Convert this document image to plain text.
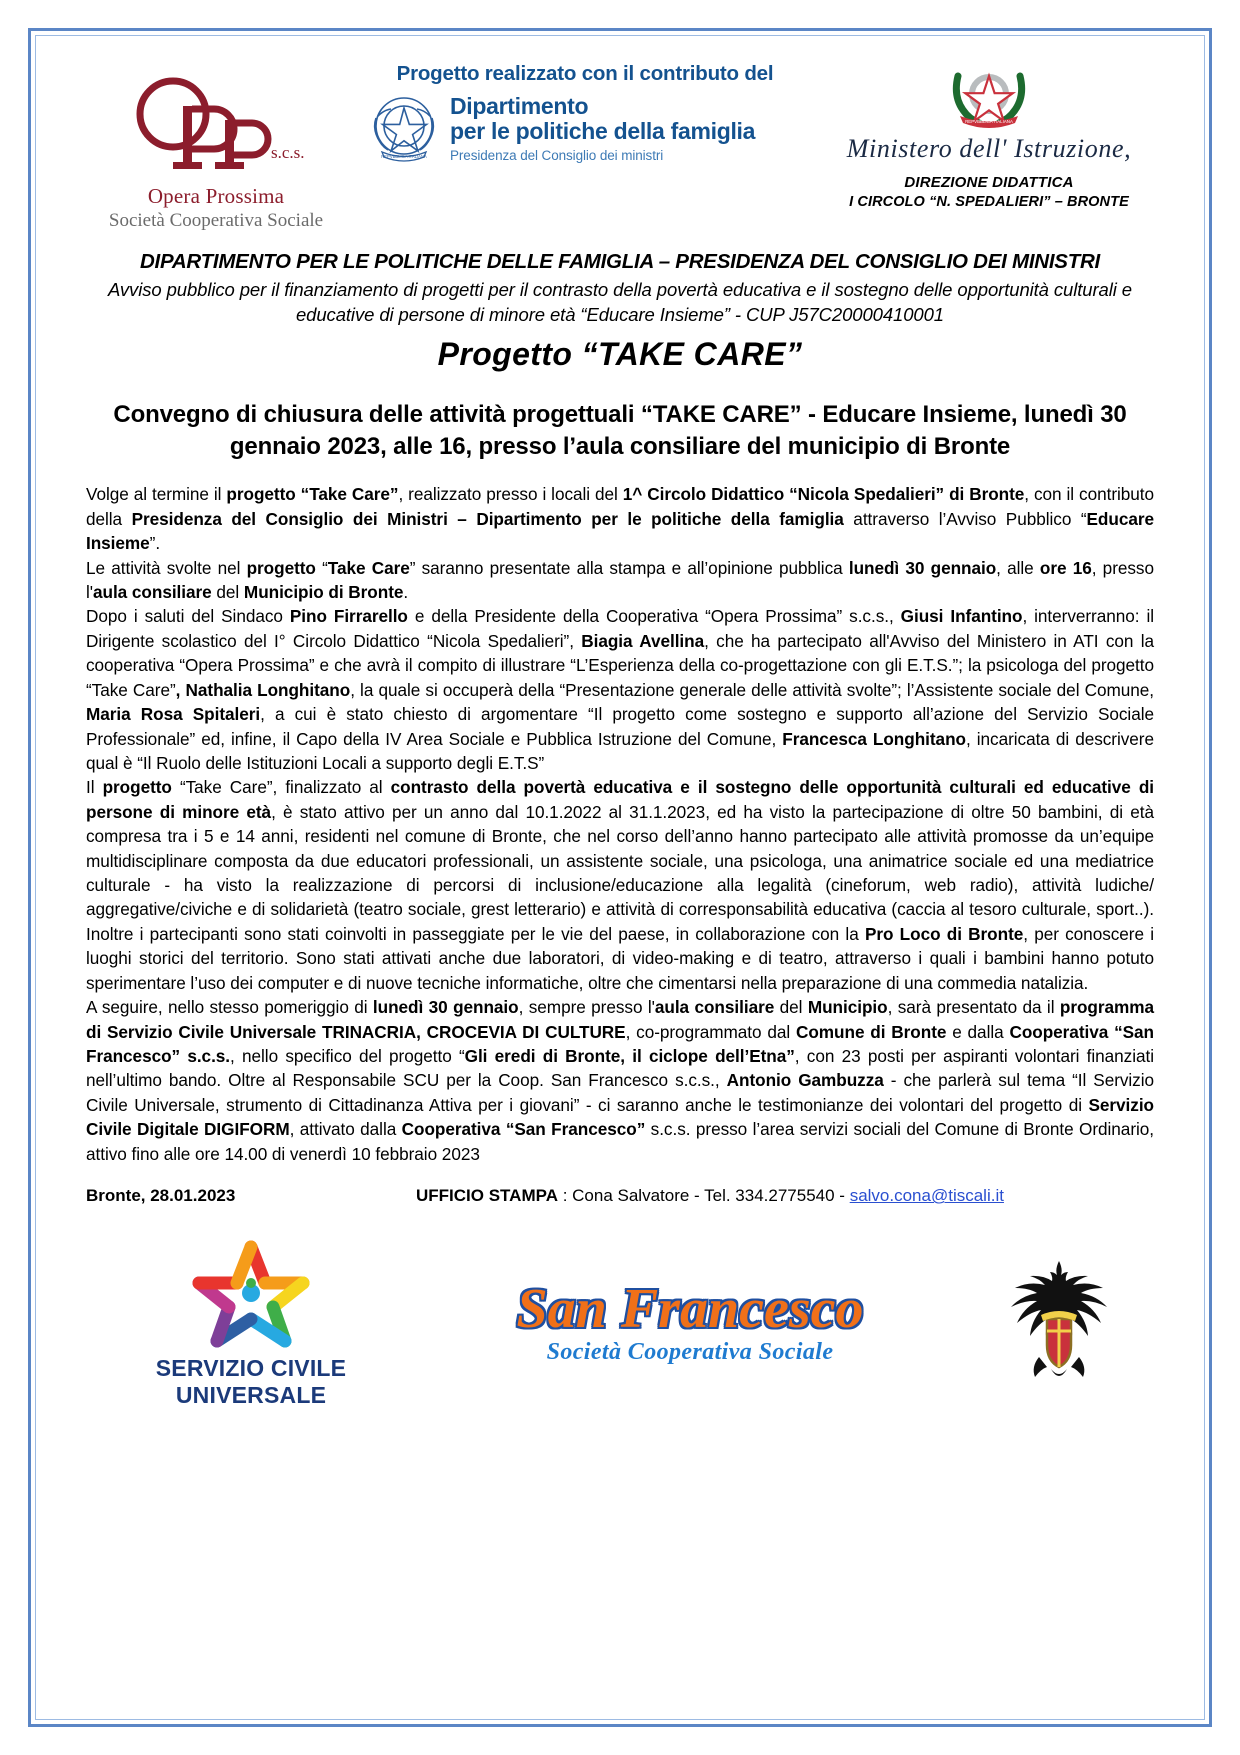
s.c.s.
Opera Prossima
Società Cooperativa Sociale
Progetto realizzato con il contributo del
REPVBBLICA ITALIANA
Dipartimento
per le politiche della famiglia
Presidenza del Consiglio dei ministri
REPVBBLICA ITALIANA
Ministero dell' Istruzione,
DIREZIONE DIDATTICA
I CIRCOLO “N. SPEDALIERI” – BRONTE
DIPARTIMENTO PER LE POLITICHE DELLE FAMIGLIA – PRESIDENZA DEL CONSIGLIO DEI MINISTRI
Avviso pubblico per il finanziamento di progetti per il contrasto della povertà educativa e il sostegno delle opportunità culturali e educative di persone di minore età “Educare Insieme” - CUP J57C20000410001
Progetto “TAKE CARE”
Convegno di chiusura delle attività progettuali “TAKE CARE” - Educare Insieme, lunedì 30 gennaio 2023, alle 16, presso l’aula consiliare del municipio di Bronte

Volge al termine il progetto “Take Care”, realizzato presso i locali del 1^ Circolo Didattico “Nicola Spedalieri” di Bronte, con il contributo della Presidenza del Consiglio dei Ministri – Dipartimento per le politiche della famiglia attraverso l’Avviso Pubblico “Educare Insieme”.

Le attività svolte nel progetto “Take Care” saranno presentate alla stampa e all’opinione pubblica lunedì 30 gennaio, alle ore 16, presso l'aula consiliare del Municipio di Bronte.

Dopo i saluti del Sindaco Pino Firrarello e della Presidente della Cooperativa “Opera Prossima” s.c.s., Giusi Infantino, interverranno: il Dirigente scolastico del I° Circolo Didattico “Nicola Spedalieri”, Biagia Avellina, che ha partecipato all'Avviso del Ministero in ATI con la cooperativa “Opera Prossima” e che avrà il compito di illustrare “L’Esperienza della co-progettazione con gli E.T.S.”; la psicologa del progetto “Take Care”, Nathalia Longhitano, la quale si occuperà della “Presentazione generale delle attività svolte”; l’Assistente sociale del Comune, Maria Rosa Spitaleri, a cui è stato chiesto di argomentare “Il progetto come sostegno e supporto all’azione del Servizio Sociale Professionale” ed, infine, il Capo della IV Area Sociale e Pubblica Istruzione del Comune, Francesca Longhitano, incaricata di descrivere qual è “Il Ruolo delle Istituzioni Locali a supporto degli E.T.S”

Il progetto “Take Care”, finalizzato al contrasto della povertà educativa e il sostegno delle opportunità culturali ed educative di persone di minore età, è stato attivo per un anno dal 10.1.2022 al 31.1.2023, ed ha visto la partecipazione di oltre 50 bambini, di età compresa tra i 5 e 14 anni, residenti nel comune di Bronte, che nel corso dell’anno hanno partecipato alle attività promosse da un’equipe multidisciplinare composta da due educatori professionali, un assistente sociale, una psicologa, una animatrice sociale ed una mediatrice culturale - ha visto la realizzazione di percorsi di inclusione/educazione alla legalità (cineforum, web radio), attività ludiche/ aggregative/civiche e di solidarietà (teatro sociale, grest letterario) e attività di corresponsabilità educativa (caccia al tesoro culturale, sport..). Inoltre i partecipanti sono stati coinvolti in passeggiate per le vie del paese, in collaborazione con la Pro Loco di Bronte, per conoscere i luoghi storici del territorio. Sono stati attivati anche due laboratori, di video-making e di teatro, attraverso i quali i bambini hanno potuto sperimentare l’uso dei computer e di nuove tecniche informatiche, oltre che cimentarsi nella preparazione di una commedia natalizia.

A seguire, nello stesso pomeriggio di lunedì 30 gennaio, sempre presso l'aula consiliare del Municipio, sarà presentato da il programma di Servizio Civile Universale TRINACRIA, CROCEVIA DI CULTURE, co-programmato dal Comune di Bronte e dalla Cooperativa “San Francesco” s.c.s., nello specifico del progetto “Gli eredi di Bronte, il ciclope dell’Etna”, con 23 posti per aspiranti volontari finanziati nell’ultimo bando. Oltre al Responsabile SCU per la Coop. San Francesco s.c.s., Antonio Gambuzza - che parlerà sul tema “Il Servizio Civile Universale, strumento di Cittadinanza Attiva per i giovani” - ci saranno anche le testimonianze dei volontari del progetto di Servizio Civile Digitale DIGIFORM, attivato dalla Cooperativa “San Francesco” s.c.s. presso l’area servizi sociali del Comune di Bronte Ordinario, attivo fino alle ore 14.00 di venerdì 10 febbraio 2023

Bronte, 28.01.2023	UFFICIO STAMPA : Cona Salvatore - Tel. 334.2775540 - salvo.cona@tiscali.it
SERVIZIO CIVILE UNIVERSALE
San Francesco
Società Cooperativa Sociale
